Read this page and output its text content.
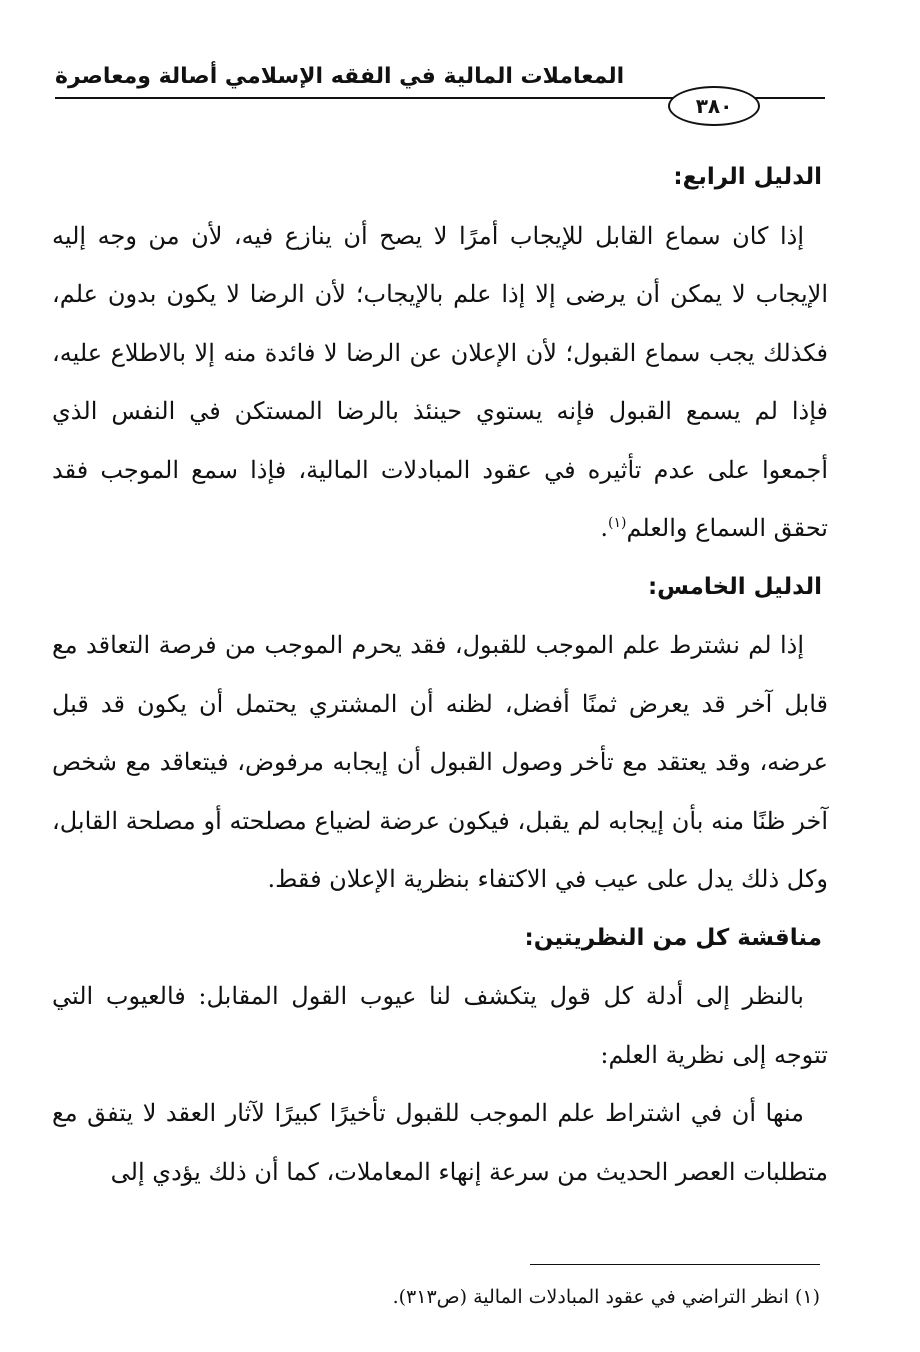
المعاملات المالية في الفقه الإسلامي أصالة ومعاصرة
٣٨٠

الدليل الرابع:

إذا كان سماع القابل للإيجاب أمرًا لا يصح أن ينازع فيه، لأن من وجه إليه الإيجاب لا يمكن أن يرضى إلا إذا علم بالإيجاب؛ لأن الرضا لا يكون بدون علم، فكذلك يجب سماع القبول؛ لأن الإعلان عن الرضا لا فائدة منه إلا بالاطلاع عليه، فإذا لم يسمع القبول فإنه يستوي حينئذ بالرضا المستكن في النفس الذي أجمعوا على عدم تأثيره في عقود المبادلات المالية، فإذا سمع الموجب فقد تحقق السماع والعلم$^{(١)}$.

الدليل الخامس:

إذا لم نشترط علم الموجب للقبول، فقد يحرم الموجب من فرصة التعاقد مع قابل آخر قد يعرض ثمنًا أفضل، لظنه أن المشتري يحتمل أن يكون قد قبل عرضه، وقد يعتقد مع تأخر وصول القبول أن إيجابه مرفوض، فيتعاقد مع شخص آخر ظنًا منه بأن إيجابه لم يقبل، فيكون عرضة لضياع مصلحته أو مصلحة القابل، وكل ذلك يدل على عيب في الاكتفاء بنظرية الإعلان فقط.

مناقشة كل من النظريتين:

بالنظر إلى أدلة كل قول يتكشف لنا عيوب القول المقابل: فالعيوب التي تتوجه إلى نظرية العلم:

منها أن في اشتراط علم الموجب للقبول تأخيرًا كبيرًا لآثار العقد لا يتفق مع متطلبات العصر الحديث من سرعة إنهاء المعاملات، كما أن ذلك يؤدي إلى

(١) انظر التراضي في عقود المبادلات المالية (ص٣١٣).
